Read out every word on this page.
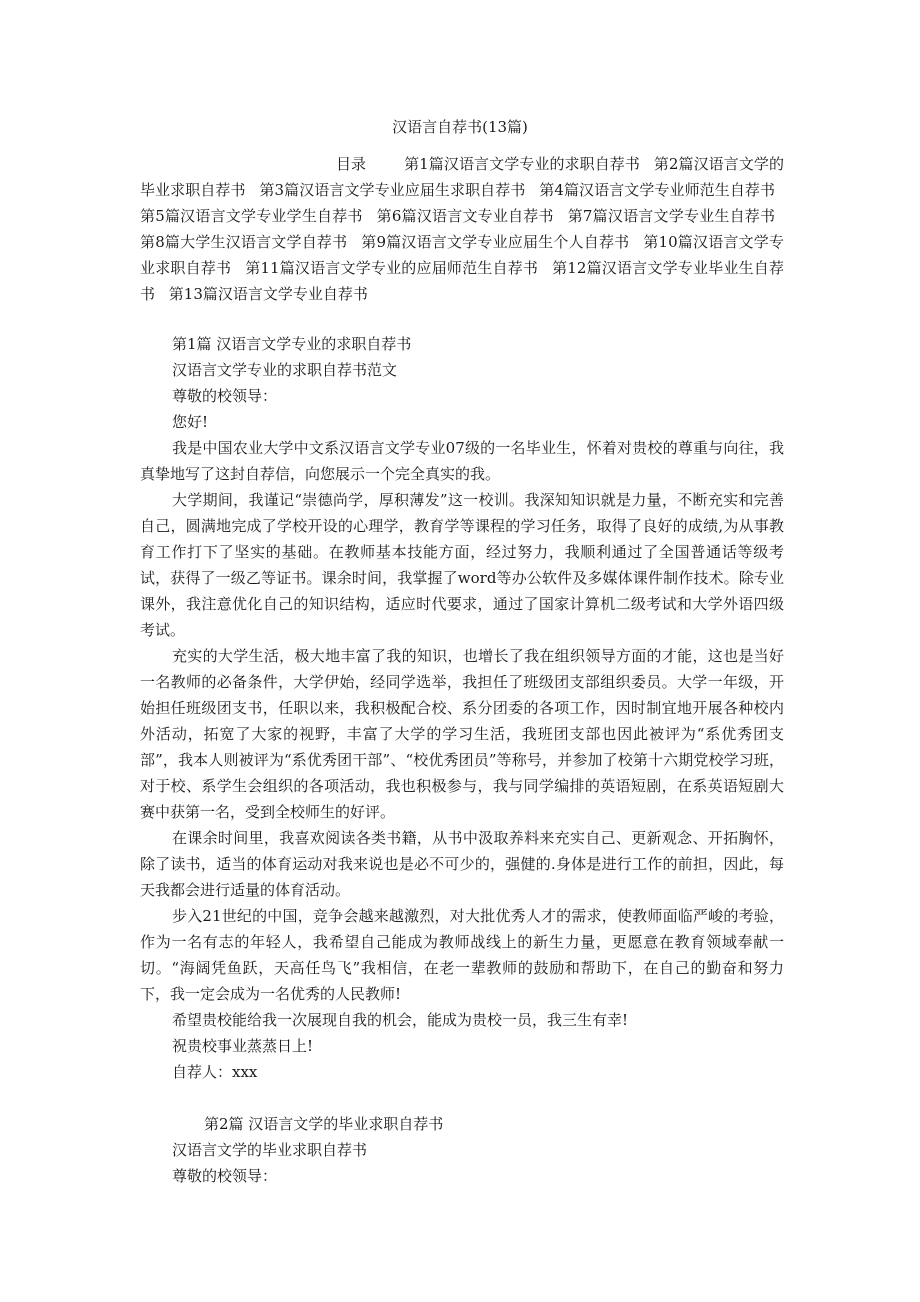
汉语言自荐书(13篇)
目录	第1篇汉语言文学专业的求职自荐书 第2篇汉语言文学的毕业求职自荐书 第3篇汉语言文学专业应届生求职自荐书 第4篇汉语言文学专业师范生自荐书 第5篇汉语言文学专业学生自荐书 第6篇汉语言文专业自荐书 第7篇汉语言文学专业生自荐书 第8篇大学生汉语言文学自荐书 第9篇汉语言文学专业应届生个人自荐书 第10篇汉语言文学专业求职自荐书 第11篇汉语言文学专业的应届师范生自荐书 第12篇汉语言文学专业毕业生自荐书 第13篇汉语言文学专业自荐书
第1篇 汉语言文学专业的求职自荐书
汉语言文学专业的求职自荐书范文
尊敬的校领导：
您好!
我是中国农业大学中文系汉语言文学专业07级的一名毕业生，怀着对贵校的尊重与向往，我真挚地写了这封自荐信，向您展示一个完全真实的我。
大学期间，我谨记“崇德尚学，厚积薄发”这一校训。我深知知识就是力量，不断充实和完善自己，圆满地完成了学校开设的心理学，教育学等课程的学习任务，取得了良好的成绩,为从事教育工作打下了坚实的基础。在教师基本技能方面，经过努力，我顺利通过了全国普通话等级考试，获得了一级乙等证书。课余时间，我掌握了word等办公软件及多媒体课件制作技术。除专业课外，我注意优化自己的知识结构，适应时代要求，通过了国家计算机二级考试和大学外语四级考试。
充实的大学生活，极大地丰富了我的知识，也增长了我在组织领导方面的才能，这也是当好一名教师的必备条件，大学伊始，经同学选举，我担任了班级团支部组织委员。大学一年级，开始担任班级团支书，任职以来，我积极配合校、系分团委的各项工作，因时制宜地开展各种校内外活动，拓宽了大家的视野，丰富了大学的学习生活，我班团支部也因此被评为“系优秀团支部”，我本人则被评为“系优秀团干部”、“校优秀团员”等称号，并参加了校第十六期党校学习班，对于校、系学生会组织的各项活动，我也积极参与，我与同学编排的英语短剧，在系英语短剧大赛中获第一名，受到全校师生的好评。
在课余时间里，我喜欢阅读各类书籍，从书中汲取养料来充实自己、更新观念、开拓胸怀，除了读书，适当的体育运动对我来说也是必不可少的，强健的.身体是进行工作的前担，因此，每天我都会进行适量的体育活动。
步入21世纪的中国，竞争会越来越激烈，对大批优秀人才的需求，使教师面临严峻的考验，作为一名有志的年轻人，我希望自己能成为教师战线上的新生力量，更愿意在教育领域奉献一切。“海阔凭鱼跃，天高任鸟飞”我相信，在老一辈教师的鼓励和帮助下，在自己的勤奋和努力下，我一定会成为一名优秀的人民教师!
希望贵校能给我一次展现自我的机会，能成为贵校一员，我三生有幸!
祝贵校事业蒸蒸日上!
自荐人：xxx
第2篇 汉语言文学的毕业求职自荐书
汉语言文学的毕业求职自荐书
尊敬的校领导：
